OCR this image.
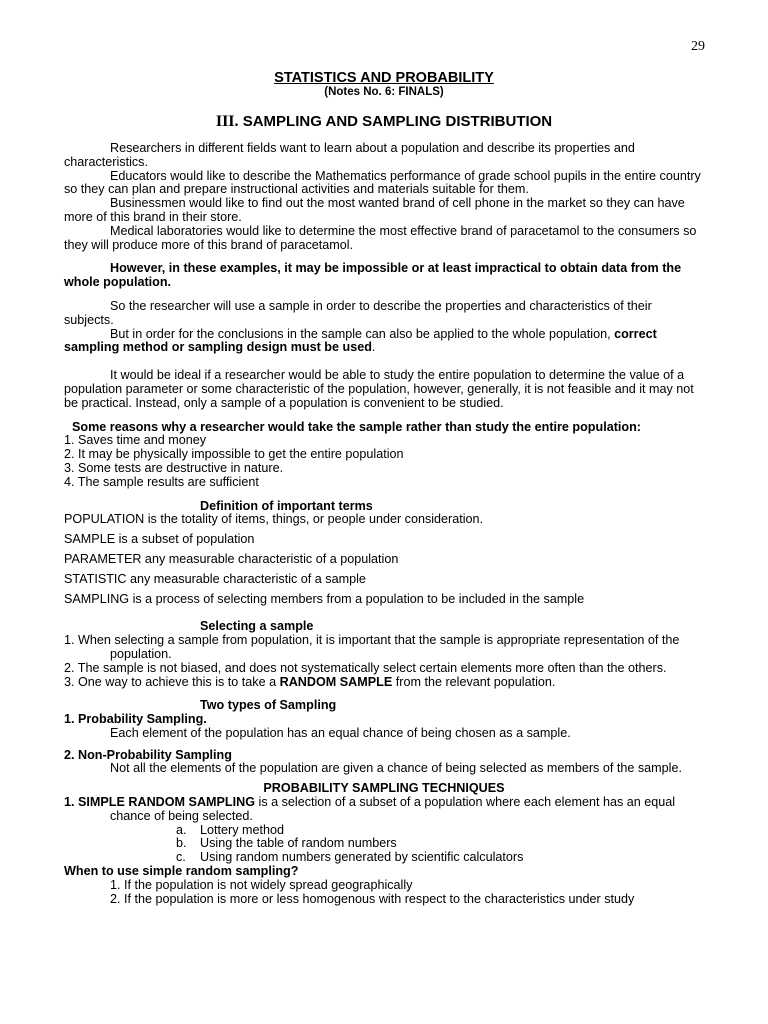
29

STATISTICS AND PROBABILITY

(Notes No. 6: FINALS)

III. SAMPLING AND SAMPLING DISTRIBUTION

Researchers in different fields want to learn about a population and describe its properties and characteristics.

Educators would like to describe the Mathematics performance of grade school pupils in the entire country so they can plan and prepare instructional activities and materials suitable for them.

Businessmen would like to find out the most wanted brand of cell phone in the market so they can have more of this brand in their store.

Medical laboratories would like to determine the most effective brand of paracetamol to the consumers so they will produce more of this brand of paracetamol.

However, in these examples, it may be impossible or at least impractical to obtain data from the whole population.

So the researcher will use a sample in order to describe the properties and characteristics of their subjects.

But in order for the conclusions in the sample can also be applied to the whole population, correct sampling method or sampling design must be used.

It would be ideal if a researcher would be able to study the entire population to determine the value of a population parameter or some characteristic of the population, however, generally, it is not feasible and it may not be practical. Instead, only a sample of a population is convenient to be studied.

Some reasons why a researcher would take the sample rather than study the entire population:

1. Saves time and money

2. It may be physically impossible to get the entire population

3. Some tests are destructive in nature.

4. The sample results are sufficient

Definition of important terms

POPULATION is the totality of items, things, or people under consideration.

SAMPLE is a subset of population

PARAMETER any measurable characteristic of a population

STATISTIC any measurable characteristic of a sample

SAMPLING is a process of selecting members from a population to be included in the sample

Selecting a sample

1. When selecting a sample from population, it is important that the sample is appropriate representation of the population.

2. The sample is not biased, and does not systematically select certain elements more often than the others.

3. One way to achieve this is to take a RANDOM SAMPLE from the relevant population.

Two types of Sampling

1. Probability Sampling.

Each element of the population has an equal chance of being chosen as a sample.

2. Non-Probability Sampling

Not all the elements of the population are given a chance of being selected as members of the sample.

PROBABILITY SAMPLING TECHNIQUES

1. SIMPLE RANDOM SAMPLING is a selection of a subset of a population where each element has an equal chance of being selected.

a. Lottery method

b. Using the table of random numbers

c. Using random numbers generated by scientific calculators

When to use simple random sampling?

1. If the population is not widely spread geographically

2. If the population is more or less homogenous with respect to the characteristics under study
